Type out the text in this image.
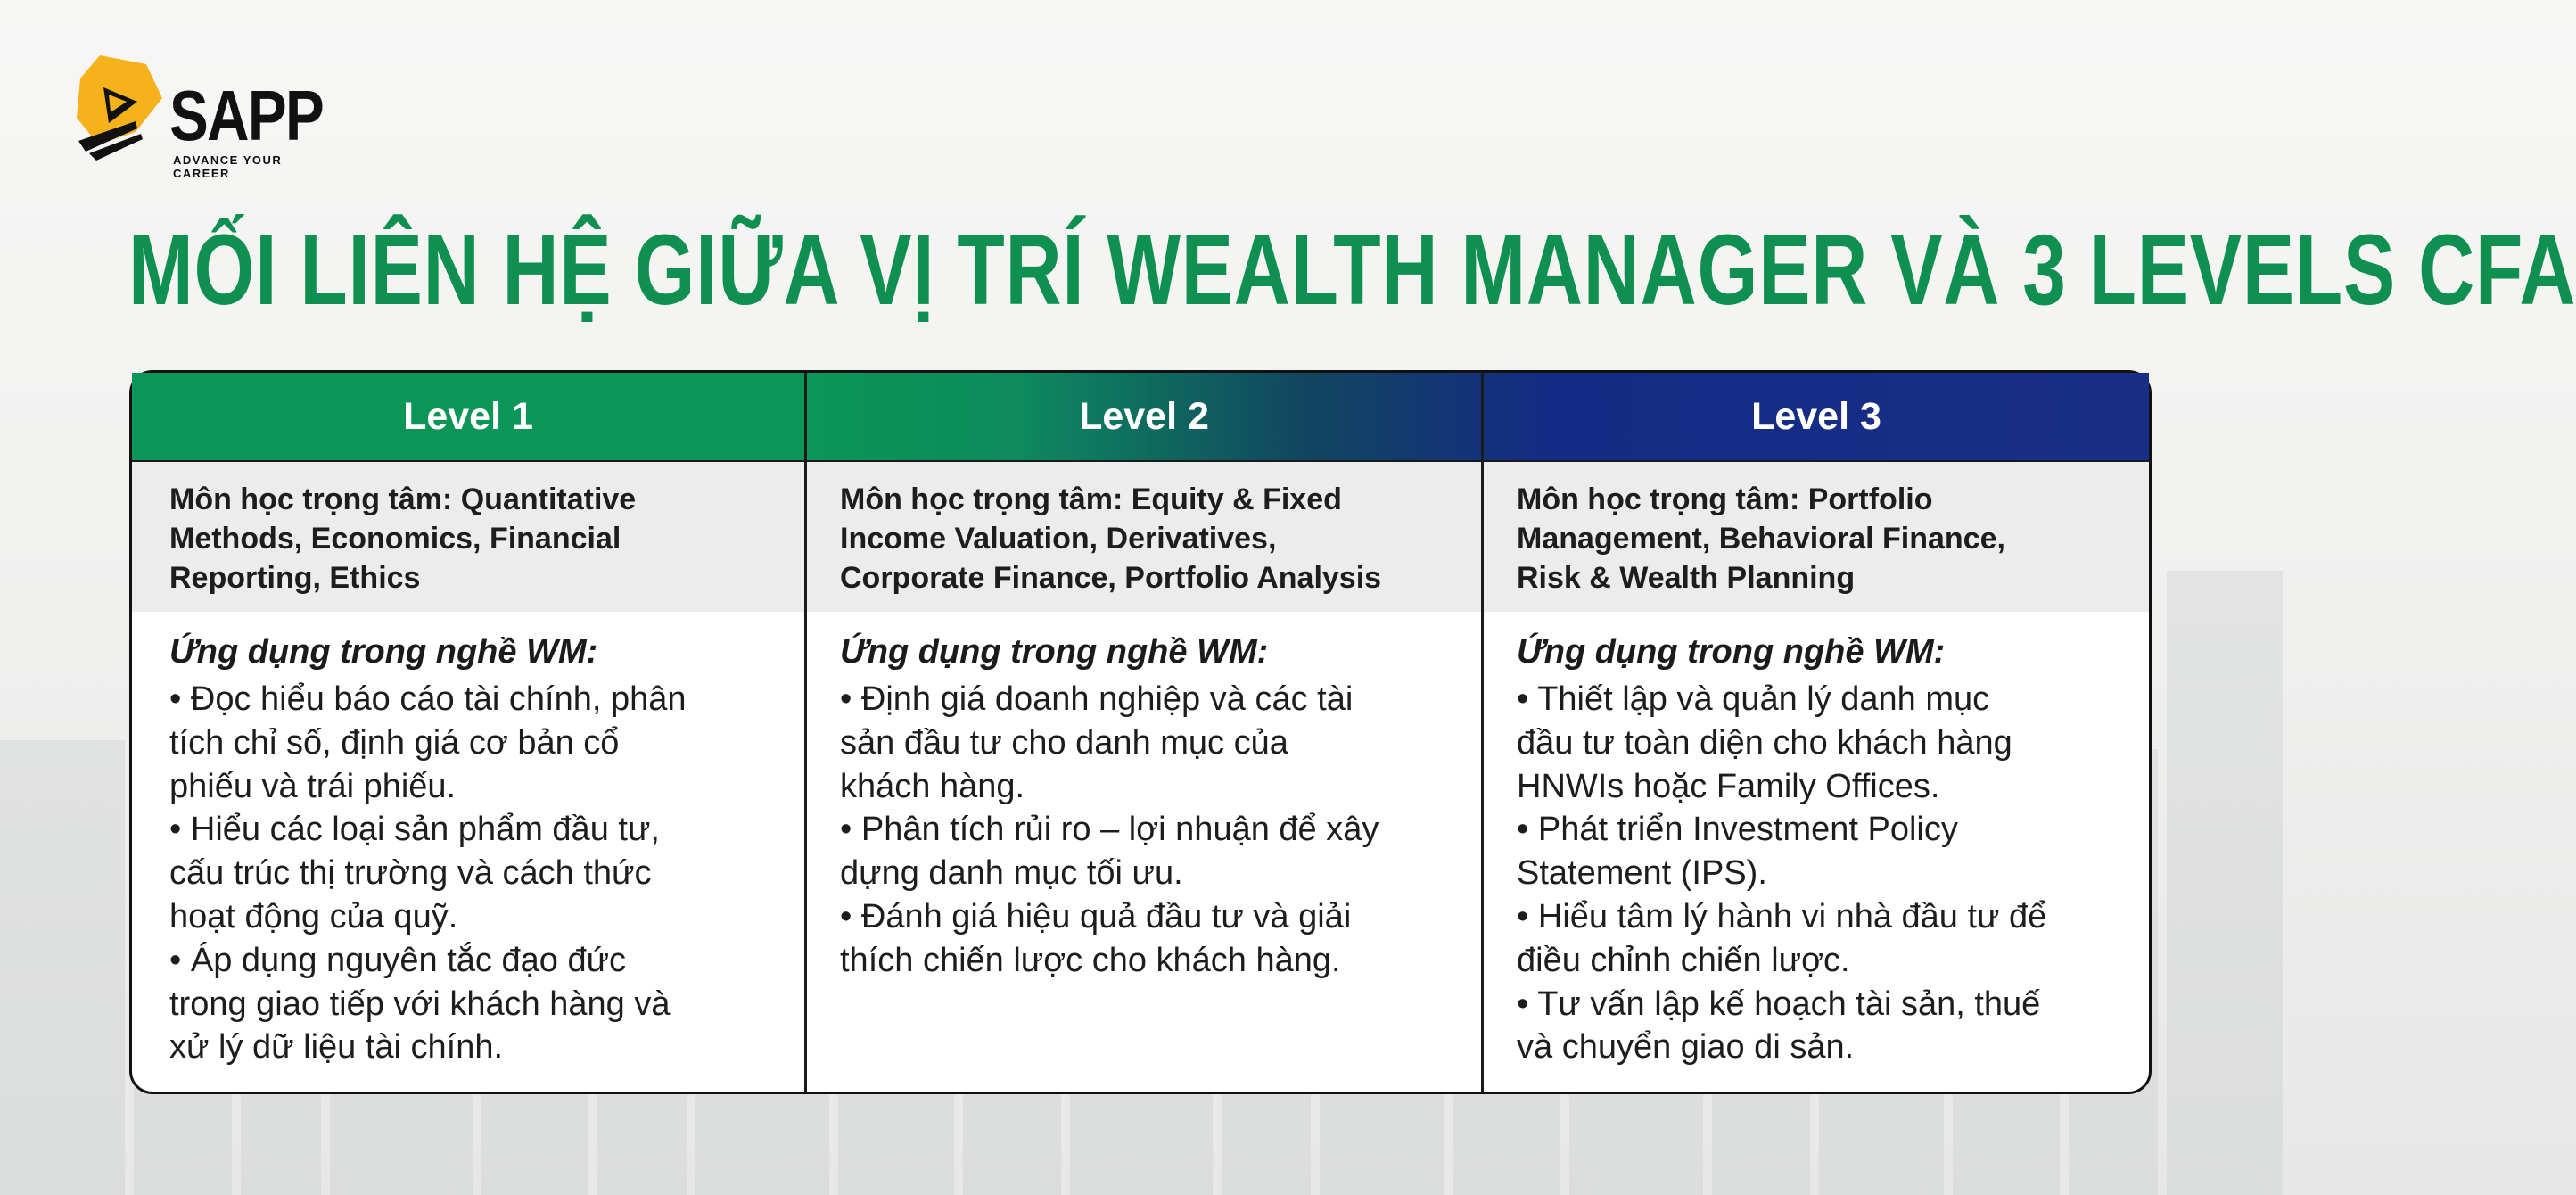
SAPP
ADVANCE YOUR CAREER
MỐI LIÊN HỆ GIỮA VỊ TRÍ WEALTH MANAGER VÀ 3 LEVELS CFA
Level 1	Level 2	Level 3
Môn học trọng tâm: Quantitative
Methods, Economics, Financial
Reporting, Ethics
Ứng dụng trong nghề WM:
• Đọc hiểu báo cáo tài chính, phân
tích chỉ số, định giá cơ bản cổ
phiếu và trái phiếu.
• Hiểu các loại sản phẩm đầu tư,
cấu trúc thị trường và cách thức
hoạt động của quỹ.
• Áp dụng nguyên tắc đạo đức
trong giao tiếp với khách hàng và
xử lý dữ liệu tài chính.
Môn học trọng tâm: Equity & Fixed
Income Valuation, Derivatives,
Corporate Finance, Portfolio Analysis
Ứng dụng trong nghề WM:
• Định giá doanh nghiệp và các tài
sản đầu tư cho danh mục của
khách hàng.
• Phân tích rủi ro – lợi nhuận để xây
dựng danh mục tối ưu.
• Đánh giá hiệu quả đầu tư và giải
thích chiến lược cho khách hàng.
Môn học trọng tâm: Portfolio
Management, Behavioral Finance,
Risk & Wealth Planning
Ứng dụng trong nghề WM:
• Thiết lập và quản lý danh mục
đầu tư toàn diện cho khách hàng
HNWIs hoặc Family Offices.
• Phát triển Investment Policy
Statement (IPS).
• Hiểu tâm lý hành vi nhà đầu tư để
điều chỉnh chiến lược.
• Tư vấn lập kế hoạch tài sản, thuế
và chuyển giao di sản.
